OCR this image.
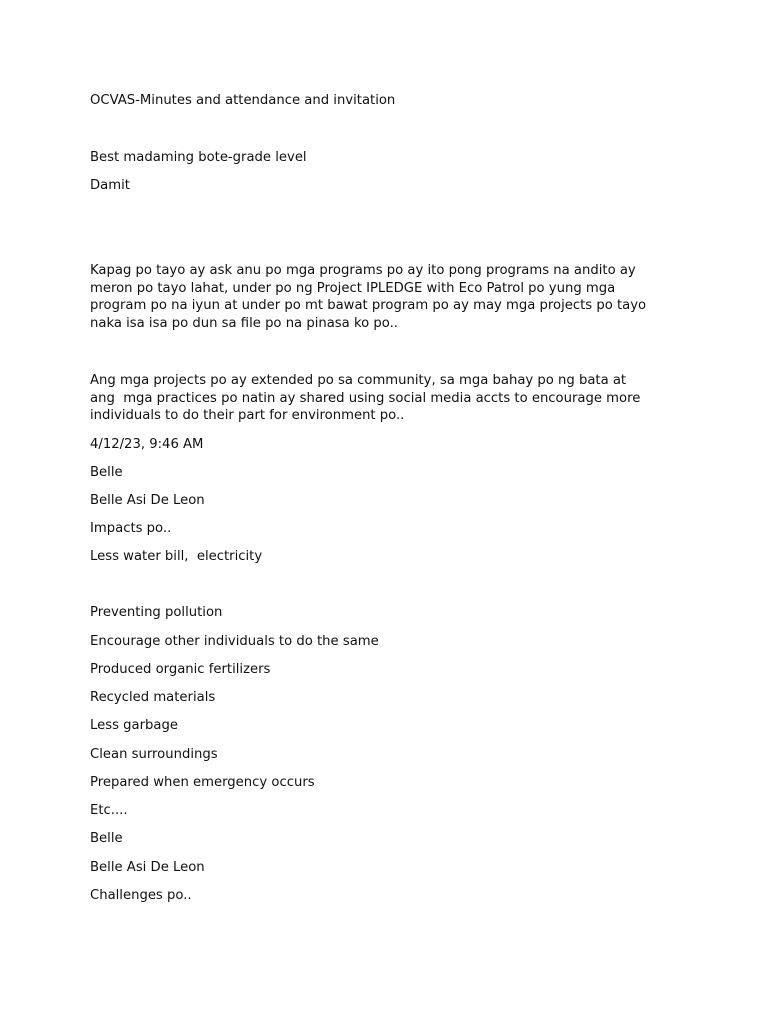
OCVAS-Minutes and attendance and invitation
Best madaming bote-grade level
Damit
Kapag po tayo ay ask anu po mga programs po ay ito pong programs na andito ay
meron po tayo lahat, under po ng Project IPLEDGE with Eco Patrol po yung mga
program po na iyun at under po mt bawat program po ay may mga projects po tayo
naka isa isa po dun sa file po na pinasa ko po..
Ang mga projects po ay extended po sa community, sa mga bahay po ng bata at
ang  mga practices po natin ay shared using social media accts to encourage more
individuals to do their part for environment po..
4/12/23, 9:46 AM
Belle
Belle Asi De Leon
Impacts po..
Less water bill,  electricity
Preventing pollution
Encourage other individuals to do the same
Produced organic fertilizers
Recycled materials
Less garbage
Clean surroundings
Prepared when emergency occurs
Etc....
Belle
Belle Asi De Leon
Challenges po..
